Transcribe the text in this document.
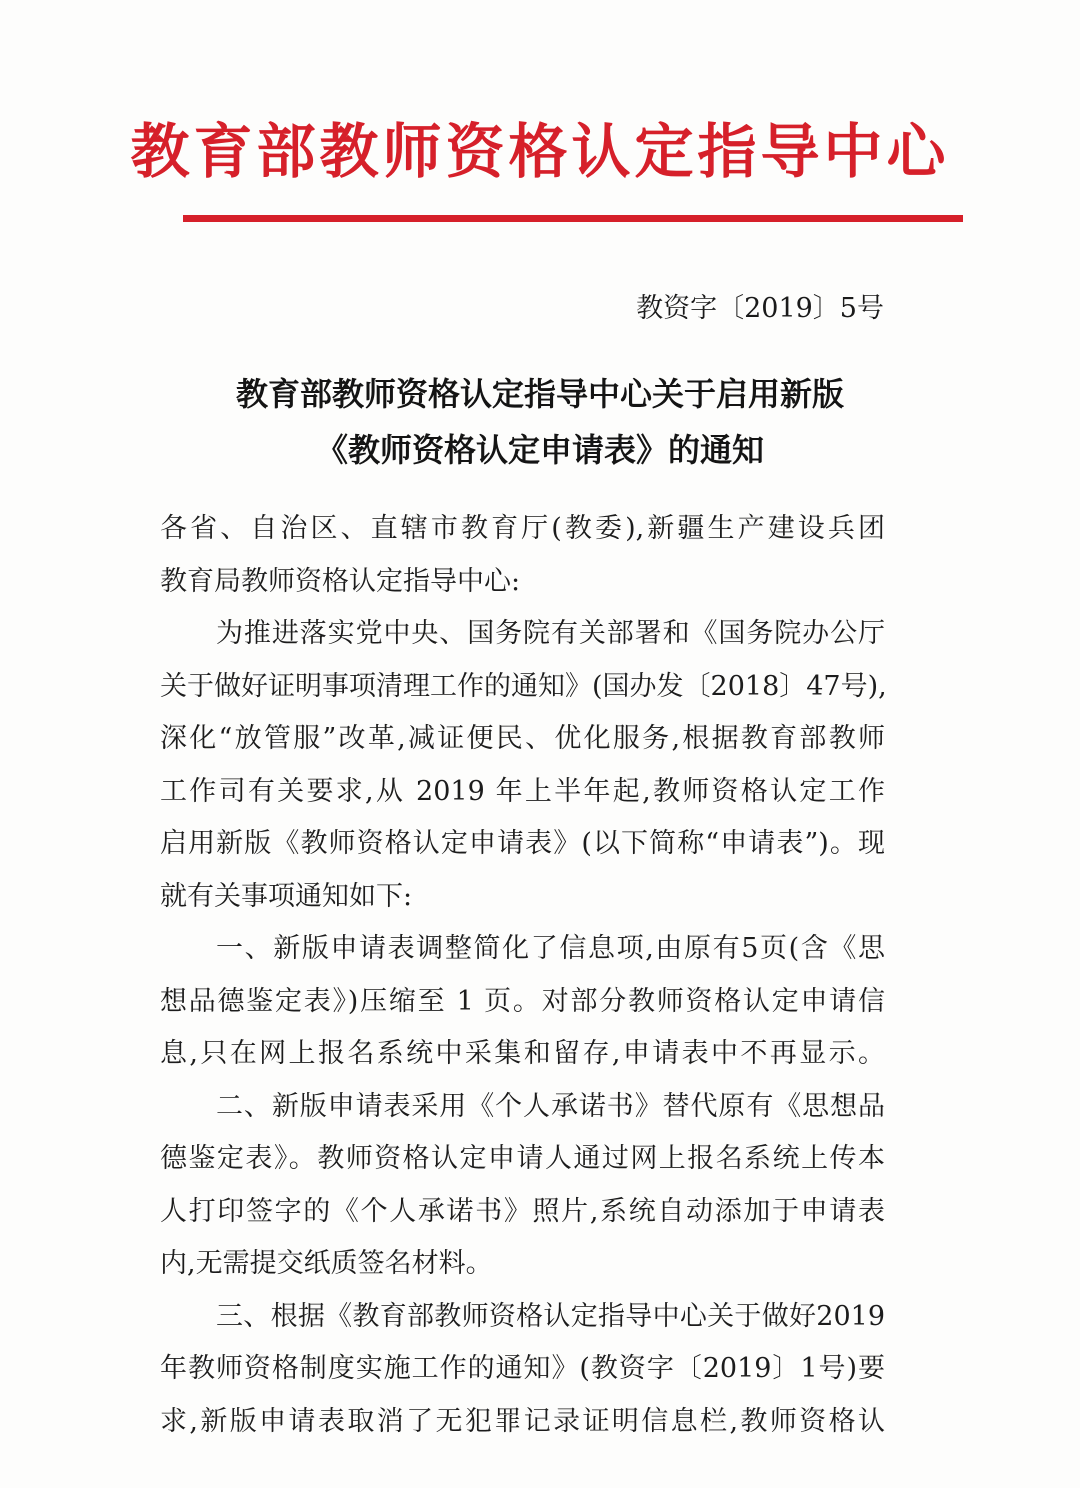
教育部教师资格认定指导中心
教资字〔2019〕5号
教育部教师资格认定指导中心关于启用新版
《教师资格认定申请表》的通知
各省、自治区、直辖市教育厅(教委),新疆生产建设兵团
教育局教师资格认定指导中心:
为推进落实党中央、国务院有关部署和《国务院办公厅
关于做好证明事项清理工作的通知》(国办发〔2018〕47号),
深化“放管服”改革,减证便民、优化服务,根据教育部教师
工作司有关要求,从 2019 年上半年起,教师资格认定工作
启用新版《教师资格认定申请表》(以下简称“申请表”)。现
就有关事项通知如下:
一、新版申请表调整简化了信息项,由原有5页(含《思
想品德鉴定表》)压缩至 1 页。对部分教师资格认定申请信
息,只在网上报名系统中采集和留存,申请表中不再显示。
二、新版申请表采用《个人承诺书》替代原有《思想品
德鉴定表》。教师资格认定申请人通过网上报名系统上传本
人打印签字的《个人承诺书》照片,系统自动添加于申请表
内,无需提交纸质签名材料。
三、根据《教育部教师资格认定指导中心关于做好2019
年教师资格制度实施工作的通知》(教资字〔2019〕1号)要
求,新版申请表取消了无犯罪记录证明信息栏,教师资格认
